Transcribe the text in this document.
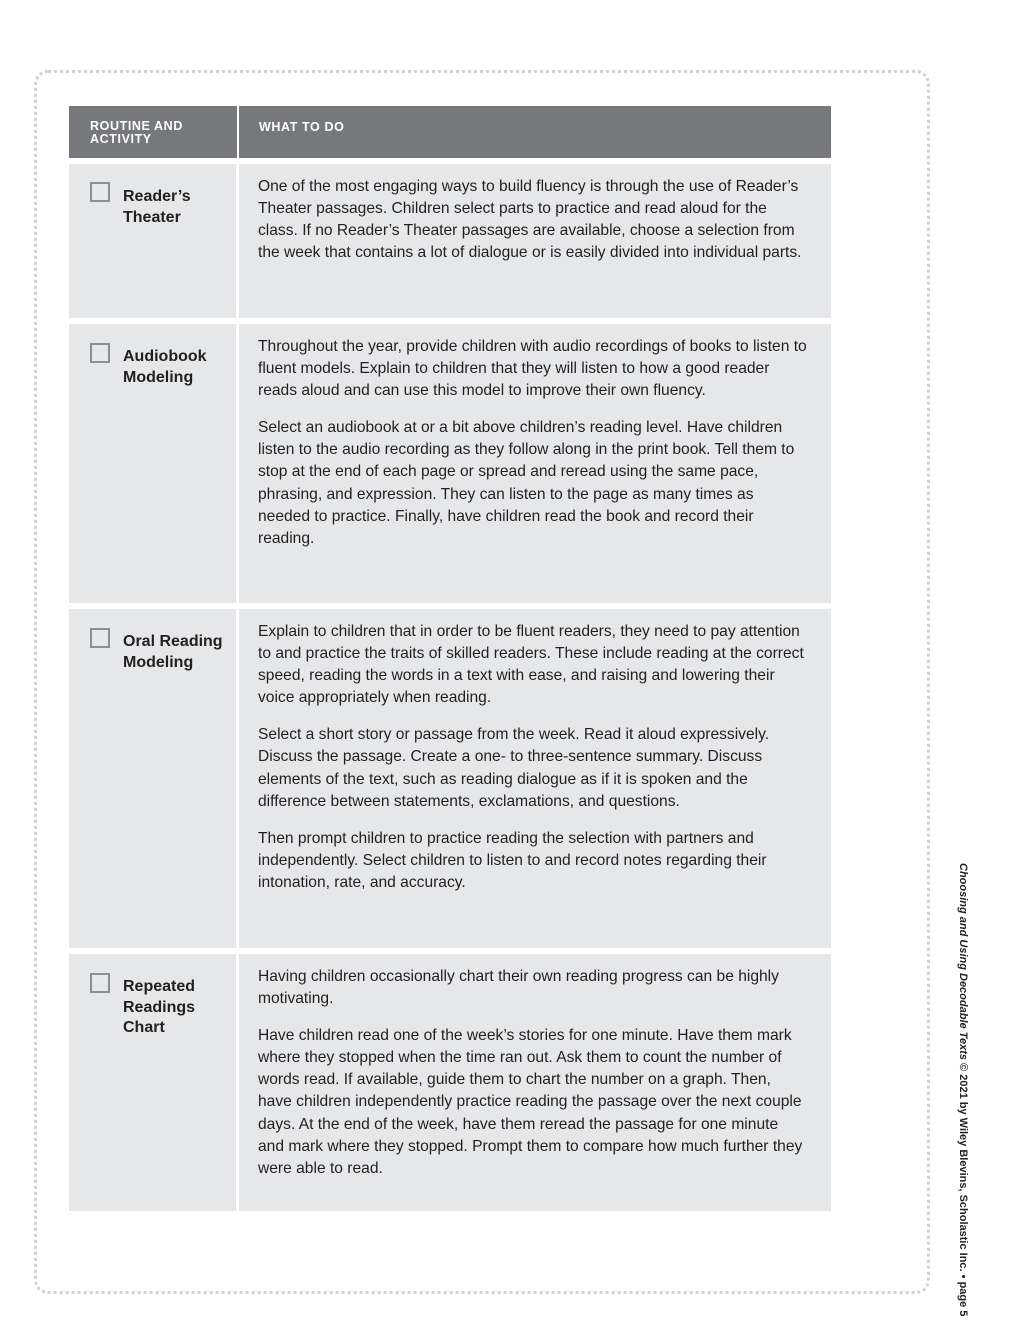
ROUTINE AND ACTIVITY
WHAT TO DO
Reader’s Theater

One of the most engaging ways to build fluency is through the use of Reader’s Theater passages. Children select parts to practice and read aloud for the class. If no Reader’s Theater passages are available, choose a selection from the week that contains a lot of dialogue or is easily divided into individual parts.

Audiobook Modeling

Throughout the year, provide children with audio recordings of books to listen to fluent models. Explain to children that they will listen to how a good reader reads aloud and can use this model to improve their own fluency.

Select an audiobook at or a bit above children’s reading level. Have children listen to the audio recording as they follow along in the print book. Tell them to stop at the end of each page or spread and reread using the same pace, phrasing, and expression. They can listen to the page as many times as needed to practice. Finally, have children read the book and record their reading.

Oral Reading Modeling

Explain to children that in order to be fluent readers, they need to pay attention to and practice the traits of skilled readers. These include reading at the correct speed, reading the words in a text with ease, and raising and lowering their voice appropriately when reading.

Select a short story or passage from the week. Read it aloud expressively. Discuss the passage. Create a one- to three-sentence summary. Discuss elements of the text, such as reading dialogue as if it is spoken and the difference between statements, exclamations, and questions.

Then prompt children to practice reading the selection with partners and independently. Select children to listen to and record notes regarding their intonation, rate, and accuracy.

Repeated Readings Chart

Having children occasionally chart their own reading progress can be highly motivating.

Have children read one of the week’s stories for one minute. Have them mark where they stopped when the time ran out. Ask them to count the number of words read. If available, guide them to chart the number on a graph. Then, have children independently practice reading the passage over the next couple days. At the end of the week, have them reread the passage for one minute and mark where they stopped. Prompt them to compare how much further they were able to read.

Choosing and Using Decodable Texts © 2021 by Wiley Blevins, Scholastic Inc. • page 5
